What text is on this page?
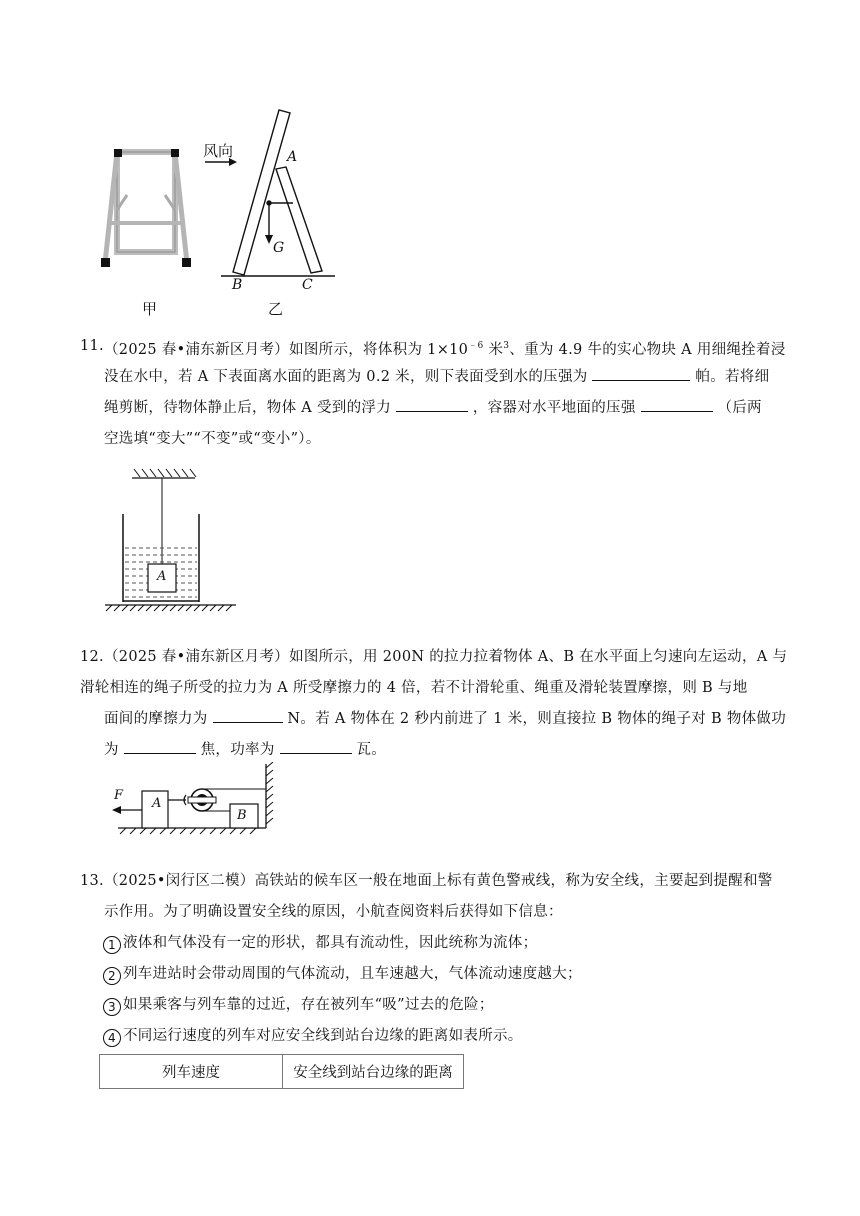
风向	A
G
B	C
甲	乙
11. （2025 春•浦东新区月考）如图所示，将体积为 $1\times 10^{﹣6}$ 米$^3$、重为 4.9 牛的实心物块 A 用细绳拴着浸
没在水中，若 A 下表面离水面的距离为 0.2 米，则下表面受到水的压强为	帕。若将细
绳剪断，待物体静止后，物体 A 受到的浮力	，容器对水平地面的压强	（后两
空选填“变大”“不变”或“变小”）。
A
12. （2025 春•浦东新区月考）如图所示，用 200N 的拉力拉着物体 A、B 在水平面上匀速向左运动，A 与
滑轮相连的绳子所受的拉力为 A 所受摩擦力的 4 倍，若不计滑轮重、绳重及滑轮装置摩擦，则 B 与地
面间的摩擦力为	N。若 A 物体在 2 秒内前进了 1 米，则直接拉 B 物体的绳子对 B 物体做功
为	焦，功率为	瓦。
F
A
B
13. （2025•闵行区二模）高铁站的候车区一般在地面上标有黄色警戒线，称为安全线，主要起到提醒和警
示作用。为了明确设置安全线的原因，小航查阅资料后获得如下信息：
1 液体和气体没有一定的形状，都具有流动性，因此统称为流体；
2 列车进站时会带动周围的气体流动，且车速越大，气体流动速度越大；
3 如果乘客与列车靠的过近，存在被列车“吸”过去的危险；
4 不同运行速度的列车对应安全线到站台边缘的距离如表所示。
列车速度	安全线到站台边缘的距离
